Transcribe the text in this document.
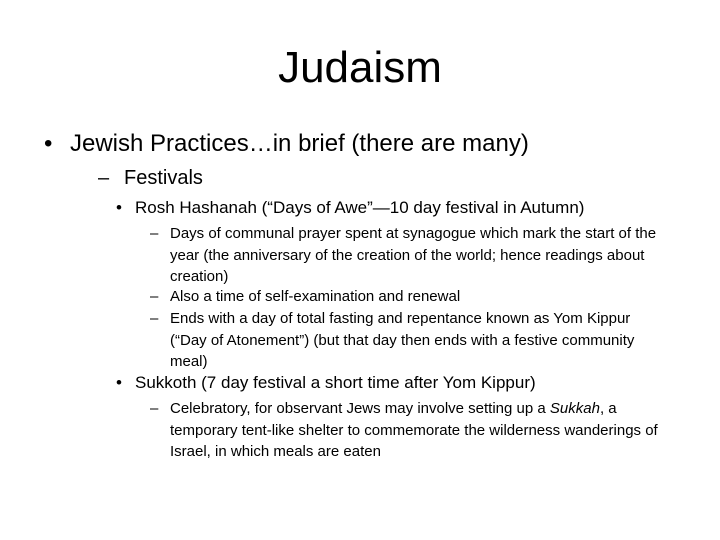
Judaism
• Jewish Practices…in brief (there are many)
– Festivals
• Rosh Hashanah (“Days of Awe”—10 day festival in Autumn)
– Days of communal prayer spent at synagogue which mark the start of the year (the anniversary of the creation of the world; hence readings about creation)
– Also a time of self-examination and renewal
– Ends with a day of total fasting and repentance known as Yom Kippur (“Day of Atonement”) (but that day then ends with a festive community meal)
• Sukkoth (7 day festival a short time after Yom Kippur)
– Celebratory, for observant Jews may involve setting up a Sukkah, a temporary tent-like shelter to commemorate the wilderness wanderings of Israel, in which meals are eaten
